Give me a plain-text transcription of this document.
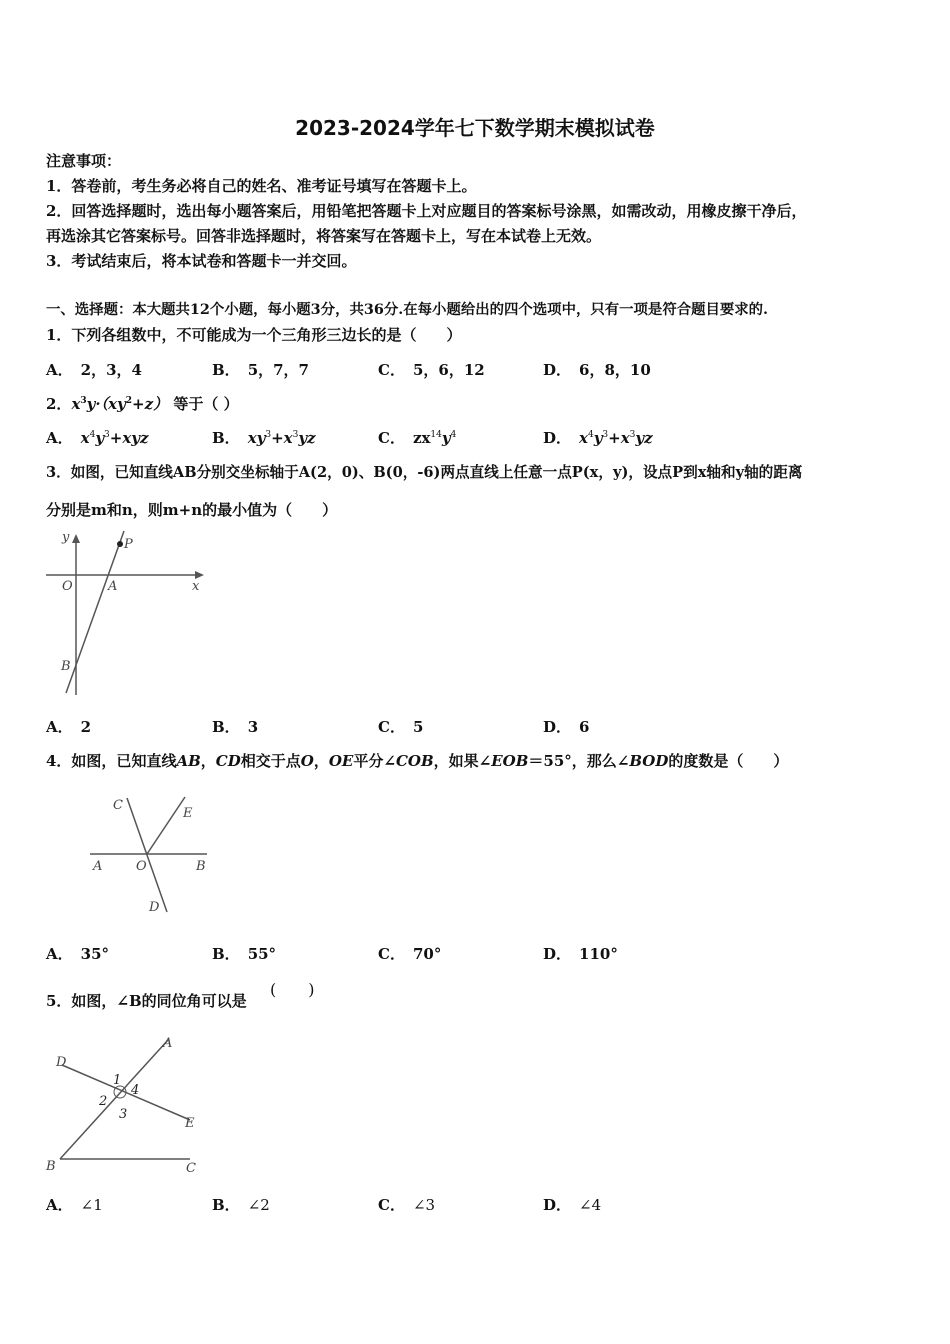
2023-2024学年七下数学期末模拟试卷
注意事项：
1．答卷前，考生务必将自己的姓名、准考证号填写在答题卡上。
2．回答选择题时，选出每小题答案后，用铅笔把答题卡上对应题目的答案标号涂黑，如需改动，用橡皮擦干净后，
再选涂其它答案标号。回答非选择题时，将答案写在答题卡上，写在本试卷上无效。
3．考试结束后，将本试卷和答题卡一并交回。
一、选择题：本大题共12个小题，每小题3分，共36分.在每小题给出的四个选项中，只有一项是符合题目要求的.
1．下列各组数中，不可能成为一个三角形三边长的是（　　）
A． 2，3，4	B． 5，7，7	C． 5，6，12	D． 6，8，10
2．$x^3y\cdot(xy^2+z)$ 等于（ ）
A． $x^4y^3+xyz$	B． $xy^3+x^3yz$	C． $zx^{14}y^4$	D． $x^4y^3+x^3yz$
3．如图，已知直线AB分别交坐标轴于A(2，0)、B(0，-6)两点直线上任意一点P(x，y)，设点P到x轴和y轴的距离
分别是m和n，则m+n的最小值为（　　）
y	P
O	A	x
B
A． 2	B． 3	C． 5	D． 6
4．如图，已知直线AB，CD相交于点O，OE平分∠COB，如果∠EOB＝55°，那么∠BOD的度数是（　　）
C
E
A	O	B
D
A． 35°	B． 55°	C． 70°	D． 110°
5．如图，∠B的同位角可以是
(　　)
A
D
1
2
4
3
E
B	C
A． ∠1	B． ∠2	C． ∠3	D． ∠4
